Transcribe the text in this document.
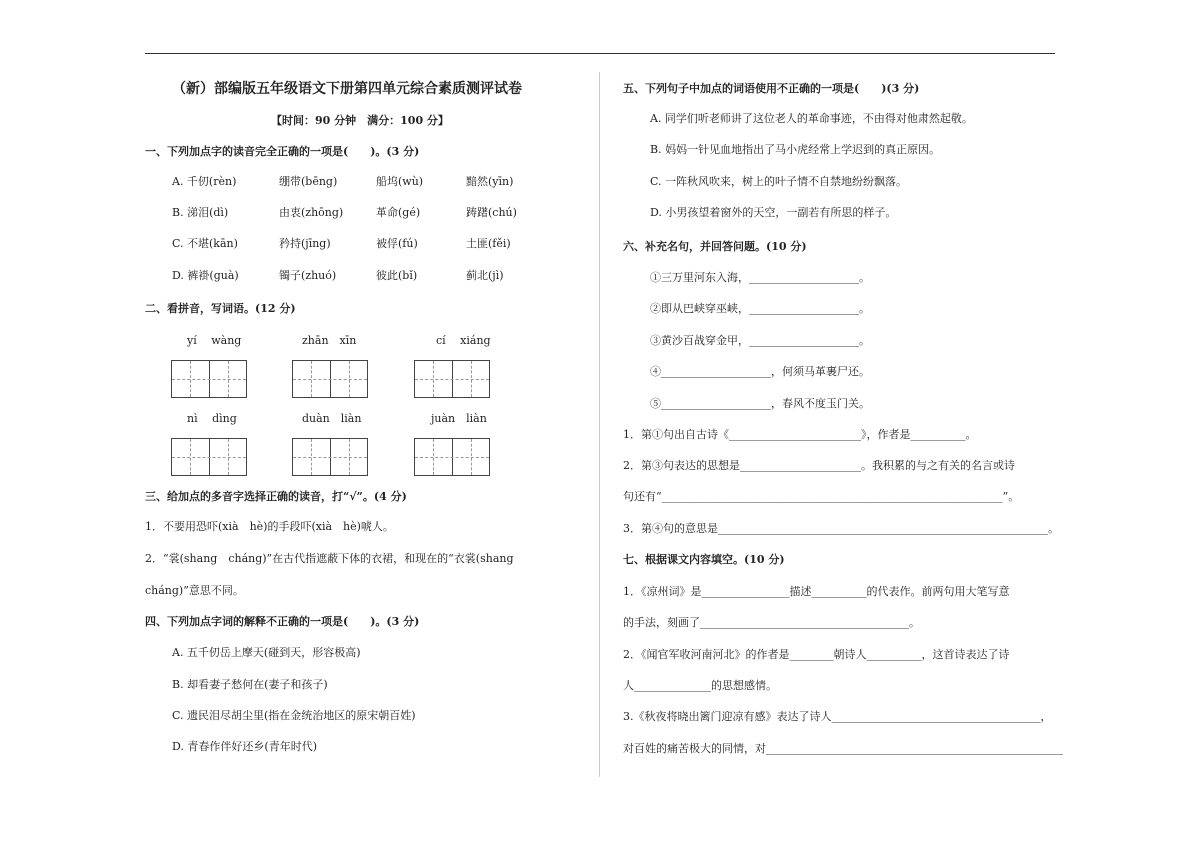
（新）部编版五年级语文下册第四单元综合素质测评试卷
【时间：90 分钟　满分：100 分】
一、下列加点字的读音完全正确的一项是(　　)。(3 分)
A. 千仞(rèn)	绷带(bēng)	船坞(wù)	黯然(yīn)
B. 涕泪(dì)	由衷(zhōng)	革命(gé)	踌躇(chú)
C. 不堪(kān)	矜持(jīng)	被俘(fú)	土匪(fěi)
D. 裤褂(guà)	镯子(zhuó)	彼此(bǐ)	蓟北(jì)
二、看拼音，写词语。(12 分)
yí　 wàng	zhān　xīn	cí　 xiáng
nì　 dìng	duàn　liàn	juàn　liàn
三、给加点的多音字选择正确的读音，打“√”。(4 分)
1．不要用恐吓(xià　hè)的手段吓(xià　hè)唬人。
2．“裳(shang　cháng)”在古代指遮蔽下体的衣裙，和现在的“衣裳(shang
cháng)”意思不同。
四、下列加点字词的解释不正确的一项是(　　)。(3 分)
A. 五千仞岳上摩天(碰到天，形容极高)
B. 却看妻子愁何在(妻子和孩子)
C. 遗民泪尽胡尘里(指在金统治地区的原宋朝百姓)
D. 青春作伴好还乡(青年时代)
五、下列句子中加点的词语使用不正确的一项是(　　)(3 分)
A. 同学们听老师讲了这位老人的革命事迹，不由得对他肃然起敬。
B. 妈妈一针见血地指出了马小虎经常上学迟到的真正原因。
C. 一阵秋风吹来，树上的叶子情不自禁地纷纷飘落。
D. 小男孩望着窗外的天空，一副若有所思的样子。
六、补充名句，并回答问题。(10 分)
①三万里河东入海，____________________。
②即从巴峡穿巫峡，____________________。
③黄沙百战穿金甲，____________________。
④____________________，何须马革裹尸还。
⑤____________________，春风不度玉门关。
1．第①句出自古诗《________________________》，作者是__________。
2．第③句表达的思想是______________________。我积累的与之有关的名言或诗
句还有“______________________________________________________________”。
3．第④句的意思是____________________________________________________________。
七、根据课文内容填空。(10 分)
1．《凉州词》是________________描述__________的代表作。前两句用大笔写意
的手法，刻画了______________________________________。
2．《闻官军收河南河北》的作者是________朝诗人__________，这首诗表达了诗
人______________的思想感情。
3.《秋夜将晓出篱门迎凉有感》表达了诗人______________________________________，
对百姓的痛苦极大的同情，对______________________________________________________
